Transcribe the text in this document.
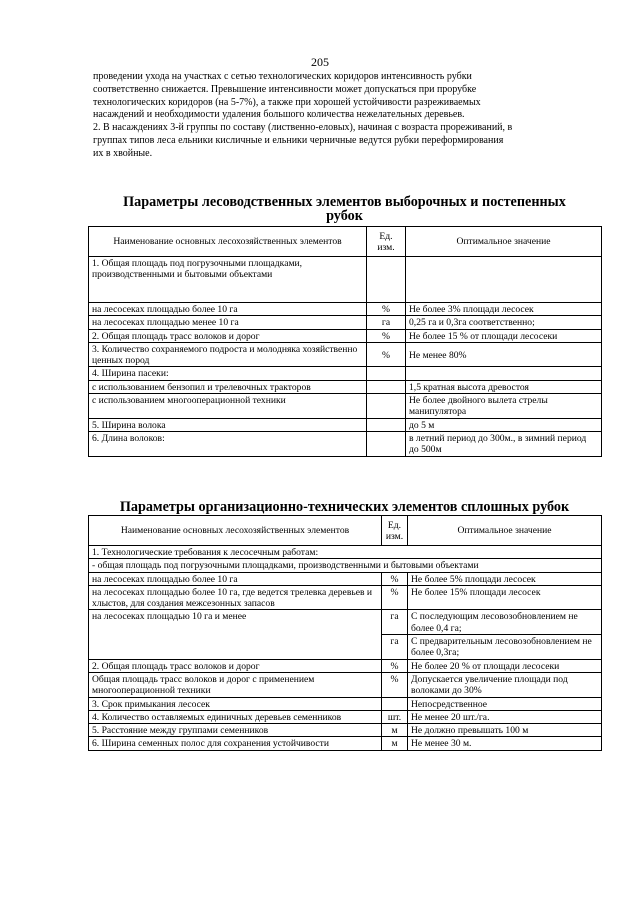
205

проведении ухода на участках с сетью технологических коридоров интенсивность рубки

соответственно снижается. Превышение интенсивности может допускаться при прорубке

технологических коридоров (на 5-7%), а также при хорошей устойчивости разреживаемых

насаждений и необходимости удаления большого количества нежелательных деревьев.

2. В насаждениях 3-й группы по составу (лиственно-еловых), начиная с возраста прореживаний, в

группах типов леса ельники кисличные и ельники черничные ведутся рубки переформирования

их в хвойные.

Параметры лесоводственных элементов выборочных и постепенных
рубок
Наименование основных лесохозяйственных элементов	Ед. изм.	Оптимальное значение
1. Общая площадь под погрузочными площадками, производственными и бытовыми объектами		
на лесосеках площадью более 10 га	%	Не более 3% площади лесосек
на лесосеках площадью менее 10 га	га	0,25 га и 0,3га соответственно;
2. Общая площадь трасс волоков и дорог	%	Не более 15 % от площади лесосеки
3. Количество сохраняемого подроста и молодняка хозяйственно ценных пород	%	Не менее 80%
4. Ширина пасеки:		
с использованием бензопил и трелевочных тракторов		1,5 кратная высота древостоя
с использованием многооперационной техники		Не более двойного вылета стрелы манипулятора
5. Ширина волока		до 5 м
6. Длина волоков:		в летний период до 300м., в зимний период до 500м
Параметры организационно-технических элементов сплошных рубок
Наименование основных лесохозяйственных элементов	Ед. изм.	Оптимальное значение
1. Технологические требования к лесосечным работам:		
- общая площадь под погрузочными площадками, производственными и бытовыми объектами		
на лесосеках площадью более 10 га	%	Не более 5% площади лесосек
на лесосеках площадью более 10 га, где ведется трелевка деревьев и хлыстов, для создания межсезонных запасов	%	Не более 15% площади лесосек
на лесосеках площадью 10 га и менее	га	С последующим лесовозобновлением не более 0,4 га;
	га	С предварительным лесовозобновлением не более 0,3га;
2. Общая площадь трасс волоков и дорог	%	Не более 20 % от площади лесосеки
Общая площадь трасс волоков и дорог с применением многооперационной техники	%	Допускается увеличение площади под волоками до 30%
3. Срок примыкания лесосек		Непосредственное
4. Количество оставляемых единичных деревьев семенников	шт.	Не менее 20 шт./га.
5. Расстояние между группами семенников	м	Не должно превышать 100 м
6. Ширина семенных полос для сохранения устойчивости	м	Не менее 30 м.
